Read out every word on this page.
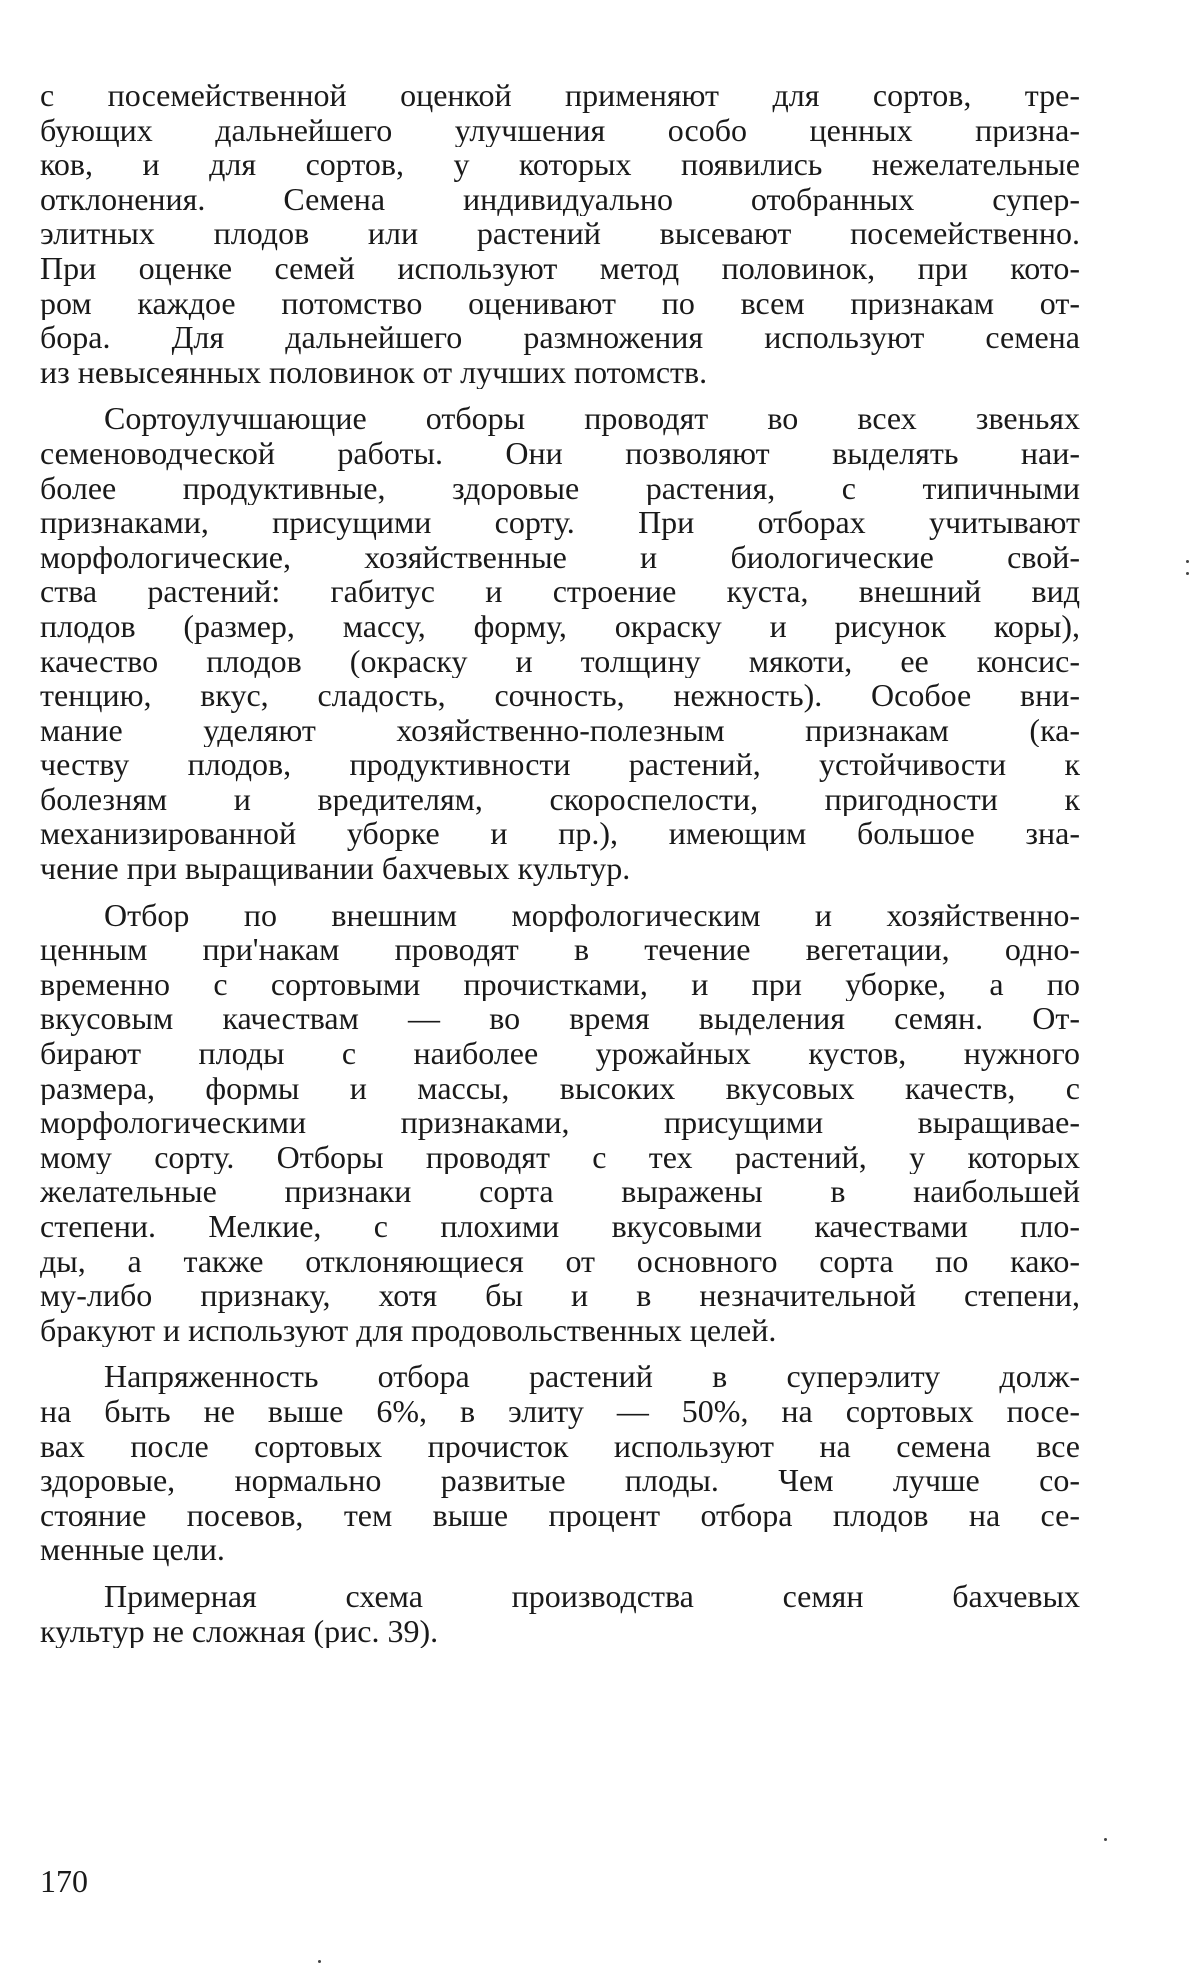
с посемейственной оценкой применяют для сортов, тре-
бующих дальнейшего улучшения особо ценных призна-
ков, и для сортов, у которых появились нежелательные
отклонения. Семена индивидуально отобранных супер-
элитных плодов или растений высевают посемейственно.
При оценке семей используют метод половинок, при кото-
ром каждое потомство оценивают по всем признакам от-
бора. Для дальнейшего размножения используют семена
из невысеянных половинок от лучших потомств.
Сортоулучшающие отборы проводят во всех звеньях
семеноводческой работы. Они позволяют выделять наи-
более продуктивные, здоровые растения, с типичными
признаками, присущими сорту. При отборах учитывают
морфологические, хозяйственные и биологические свой-
ства растений: габитус и строение куста, внешний вид
плодов (размер, массу, форму, окраску и рисунок коры),
качество плодов (окраску и толщину мякоти, ее консис-
тенцию, вкус, сладость, сочность, нежность). Особое вни-
мание уделяют хозяйственно-полезным признакам (ка-
честву плодов, продуктивности растений, устойчивости к
болезням и вредителям, скороспелости, пригодности к
механизированной уборке и пр.), имеющим большое зна-
чение при выращивании бахчевых культур.
Отбор по внешним морфологическим и хозяйственно-
ценным при'накам проводят в течение вегетации, одно-
временно с сортовыми прочистками, и при уборке, а по
вкусовым качествам — во время выделения семян. От-
бирают плоды с наиболее урожайных кустов, нужного
размера, формы и массы, высоких вкусовых качеств, с
морфологическими признаками, присущими выращивае-
мому сорту. Отборы проводят с тех растений, у которых
желательные признаки сорта выражены в наибольшей
степени. Мелкие, с плохими вкусовыми качествами пло-
ды, а также отклоняющиеся от основного сорта по како-
му-либо признаку, хотя бы и в незначительной степени,
бракуют и используют для продовольственных целей.
Напряженность отбора растений в суперэлиту долж-
на быть не выше 6%, в элиту — 50%, на сортовых посе-
вах после сортовых прочисток используют на семена все
здоровые, нормально развитые плоды. Чем лучше со-
стояние посевов, тем выше процент отбора плодов на се-
менные цели.
Примерная схема производства семян бахчевых
культур не сложная (рис. 39).
170
